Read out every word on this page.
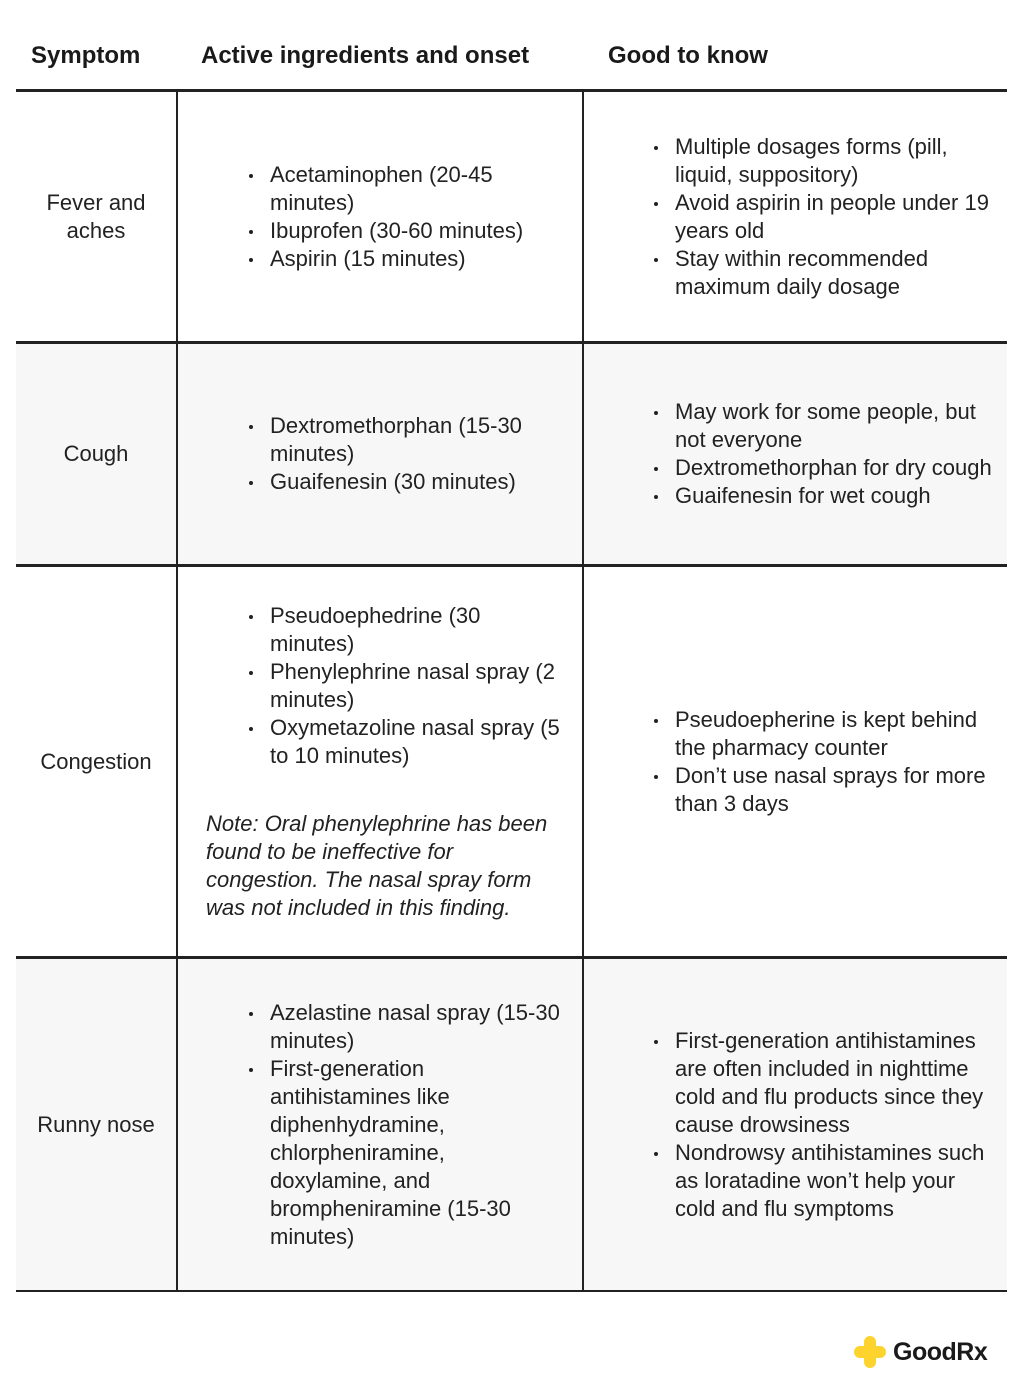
Symptom	Active ingredients and onset	Good to know
Fever and aches
Acetaminophen (20-45 minutes)
Ibuprofen (30-60 minutes)
Aspirin (15 minutes)
Multiple dosages forms (pill, liquid, suppository)
Avoid aspirin in people under 19 years old
Stay within recommended maximum daily dosage
Cough
Dextromethorphan (15-30 minutes)
Guaifenesin (30 minutes)
May work for some people, but not everyone
Dextromethorphan for dry cough
Guaifenesin for wet cough
Congestion
Pseudoephedrine (30 minutes)
Phenylephrine nasal spray (2 minutes)
Oxymetazoline nasal spray (5 to 10 minutes)
Note: Oral phenylephrine has been found to be ineffective for congestion. The nasal spray form was not included in this finding.
Pseudoepherine is kept behind the pharmacy counter
Don’t use nasal sprays for more than 3 days
Runny nose
Azelastine nasal spray (15-30 minutes)
First-generation antihistamines like diphenhydramine, chlorpheniramine, doxylamine, and brompheniramine (15-30 minutes)
First-generation antihistamines are often included in nighttime cold and flu products since they cause drowsiness
Nondrowsy antihistamines such as loratadine won’t help your cold and flu symptoms
GoodRx
